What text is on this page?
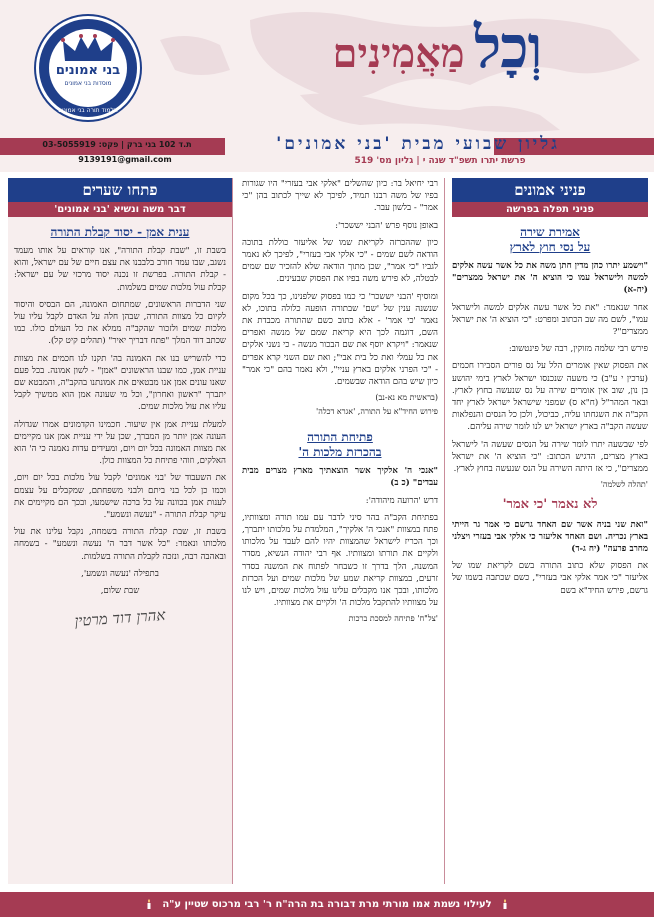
ת.ד 102 בני ברק | פקס: 03-5055919
9139191@gmail.com
בני אמונים
מוסדות בני אמונים
תלמוד תורה בני אמונים
וְכָל מַאֲמִינִים
גליון שבועי מבית 'בני אמונים'
פרשת יתרו תשפ"ד שנה י | גליון מס' 519
פניני אמונים
פניני תפלה בפרשה
אמירת שירה
על נסי חוץ לארץ
"וישמע יתרו כהן מדין חתן משה את כל אשר עשה אלקים למשה ולישראל עמו כי הוציא ה' את ישראל ממצרים" (יח-א)
אחר שנאמר: "את כל אשר עשה אלקים למשה ולישראל עמו", לשם מה שב הכתוב ומפרט: "כי הוציא ה' את ישראל ממצרים"?
פירש רבי שלמה מזוקין, רבה של פינטשוב:
את הפסוק שאין אומרים הלל על נס פורים הסבירו חכמים (ערכין י ע"ב) כי משעה שנכנסו ישראל לארץ בימי יהושע בן נון, שוב אין אומרים שירה על נס שנעשה בחוץ לארץ. ובאר המהר"ל (ח"א ס) שמפני שישראל ישראל לארץ יחד הקב"ה את השגחתו עליה, כביכול, ולכן כל הנסים והנפלאות שעשה הקב"ה בארץ ישראל יש לנו לומר שירה עליהם.
לפי שבשעה יתרו לומר שירה על הנסים שעשה ה' לישראל בארץ מצרים, הדגיש הכתוב: "כי הוציא ה' את ישראל ממצרים", כי אז היתה השירה על הנס שנעשה בחוץ לארץ.
'תהלה לשלמה'
לא נאמר 'כי אמר'
"ואת שני בניה אשר שם האחד גרשם כי אמר גר הייתי בארץ נכריה. ושם האחד אליעזר כי אלקי אבי בעזרי ויצלני מחרב פרעה" (יח ג-ד)
את הפסוק שלא כתוב התורה בשם לקריאת שמו של אליעזר "כי אמר אלקי אבי בעזרי", כשם שכתבה בשמו של גרשם, פירש החיד"א בשם
רבי יחיאל בר: כיון שהשלים "אלקי אבי בעזרי" היו שגורות בפיו של משה רבנו תמיד, לפיכך לא שייך לכתוב בהן "כי אמר" - בלשון עבר.
באופן נוסף פרש 'הבני יששכר':
כיון שההכרזה לקריאת שמו של אליעזר כוללת בתוכה הודאה לשם שמים - "כי אלקי אבי בעזרי", לפיכך לא נאמר לגביו "כי אמר", שכן מתוך הודאה שלא להזכיר שם שמים לבטלה, לא פירש משה בפיו את הפסוק שבעינים.
ומוסיף 'הבני יששכר' כי כמו בפסוק שלפנינו, כך בכל מקום שנשנה ענין של 'שם' שבתורה הופעה כלולה בתוכו, לא נאמר 'כי אמר' - אלא כתוב כשם שהתורה מכבדת את השם, דוגמה לכך היא קריאת שמם של מנשה ואפרים שנאמר: "ויקרא יוסף את שם הבכור מנשה - כי נשני אלקים את כל עמלי ואת כל בית אבי"; ואת שם השני קרא אפרים - "כי הפרני אלקים בארץ עניי", ולא נאמר בהם "כי אמר" כיון שיש בהם הודאה שבשמים.
(בראשית מא נא-נב)
פירוש החיד"א על התורה, 'אגרא דכלה'
פתיחת התורה
בהכרזת מלכות ה'
"אנכי ה' אלקיך אשר הוצאתיך מארץ מצרים מבית עבדים" (כ ב)
דרש 'הרועה מיהודה':
בפתיחת הקב"ה בהר סיני לדבר עם עמו תורה ומצוותיו, פתח במצוות "אנכי ה' אלקיך", המלמדת על מלכותו יתברך, וכך הכריז לישראל שהמצוות יהיו להם לעבד על מלכותו ולקיים את תורתו ומצוותיו. אף רבי יהודה הנשיא, מסדר המשנה, הלך בדרך זו כשבחר לפתוח את המשנה בסדר זרעים, במצוות קריאת שמע של מלכות שמים ועל הכרזת מלכותו, ובכך אנו מקבלים עלינו עול מלכות שמים, ויש לנו על מצוותיו להתקבל מלכות ה' ולקיים את מצוותיו.
'צל"ח' פתיחה למסכת ברכות
פתחו שערים
דבר משה ונשיא 'בני אמונים'
ענית אמן - יסוד קבלת התורה
בשבת זו, "שבת קבלת התורה", אנו קוראים על אותו מעמד נשגב, שבו עמד חורב בלבבנו את עצם חיים של עם ישראל, והוא - קבלת התורה. בפרשת זו נכנה יסוד מרכזי של עם ישראל: קבלת עול מלכות שמים בשלמות.
שני הדברות הראשונים, שמתחום האמונה, הם הבסיס והיסוד לקיום כל מצוות התורה, שבהן חלה על האדם לקבל עליו עול מלכות שמים ולזכור שהקב"ה ממלא את כל העולם כולו. כמו שכתב דוד המלך "פתח דבריך יאיר" (תהלים קיט קל).
כדי להשריש בנו את האמונה בה' תקנו לנו חכמים את מצוות עניית אמן, כמו שבנו הראשונים "אמן" - לשון אמונה. בכל פעם שאנו עונים אמן אנו מבטאים את אמונתנו בהקב"ה, והמבטא שם יתברך "ראשון ואחרון", וכל מי שעונה אמן הוא ממשיך לקבל עליו את עול מלכות שמים.
למעלת עניית אמן אין שיעור. חכמינו הקדמונים אמרו שגדולה העונה אמן יותר מן המברך, שכן על ידי עניית אמן אנו מקיימים את מצוות האמונה בכל יום ויום, ומעידים עדות נאמנה כי ה' הוא האלקים, וזוהי פתיחת כל המצוות כולן.
את השעבוד של 'בני אמונים' לקבל עול מלכות בכל יום ויום, וכמו כן לכל בני ביתם ולבני משפחתם, שמקבלים על עצמם לענות אמן בכוונה על כל ברכה שישמעו, ובכך הם מקיימים את עיקר קבלת התורה - "נעשה ונשמע".
בשבת זו, שבת קבלת התורה בשמחה, נקבל עלינו את עול מלכותו ונאמר: "כל אשר דבר ה' נעשה ונשמע" - בשמחה ובאהבה רבה, ונזכה לקבלת התורה בשלמות.
בתפילה 'נעשה ונשמע',
שבת שלום,
אהרן דוד מרטין
לעילוי נשמת אמו מורתי מרת דבורה בת הרה"ח ר' רבי מרכוס שטיין ע"ה
